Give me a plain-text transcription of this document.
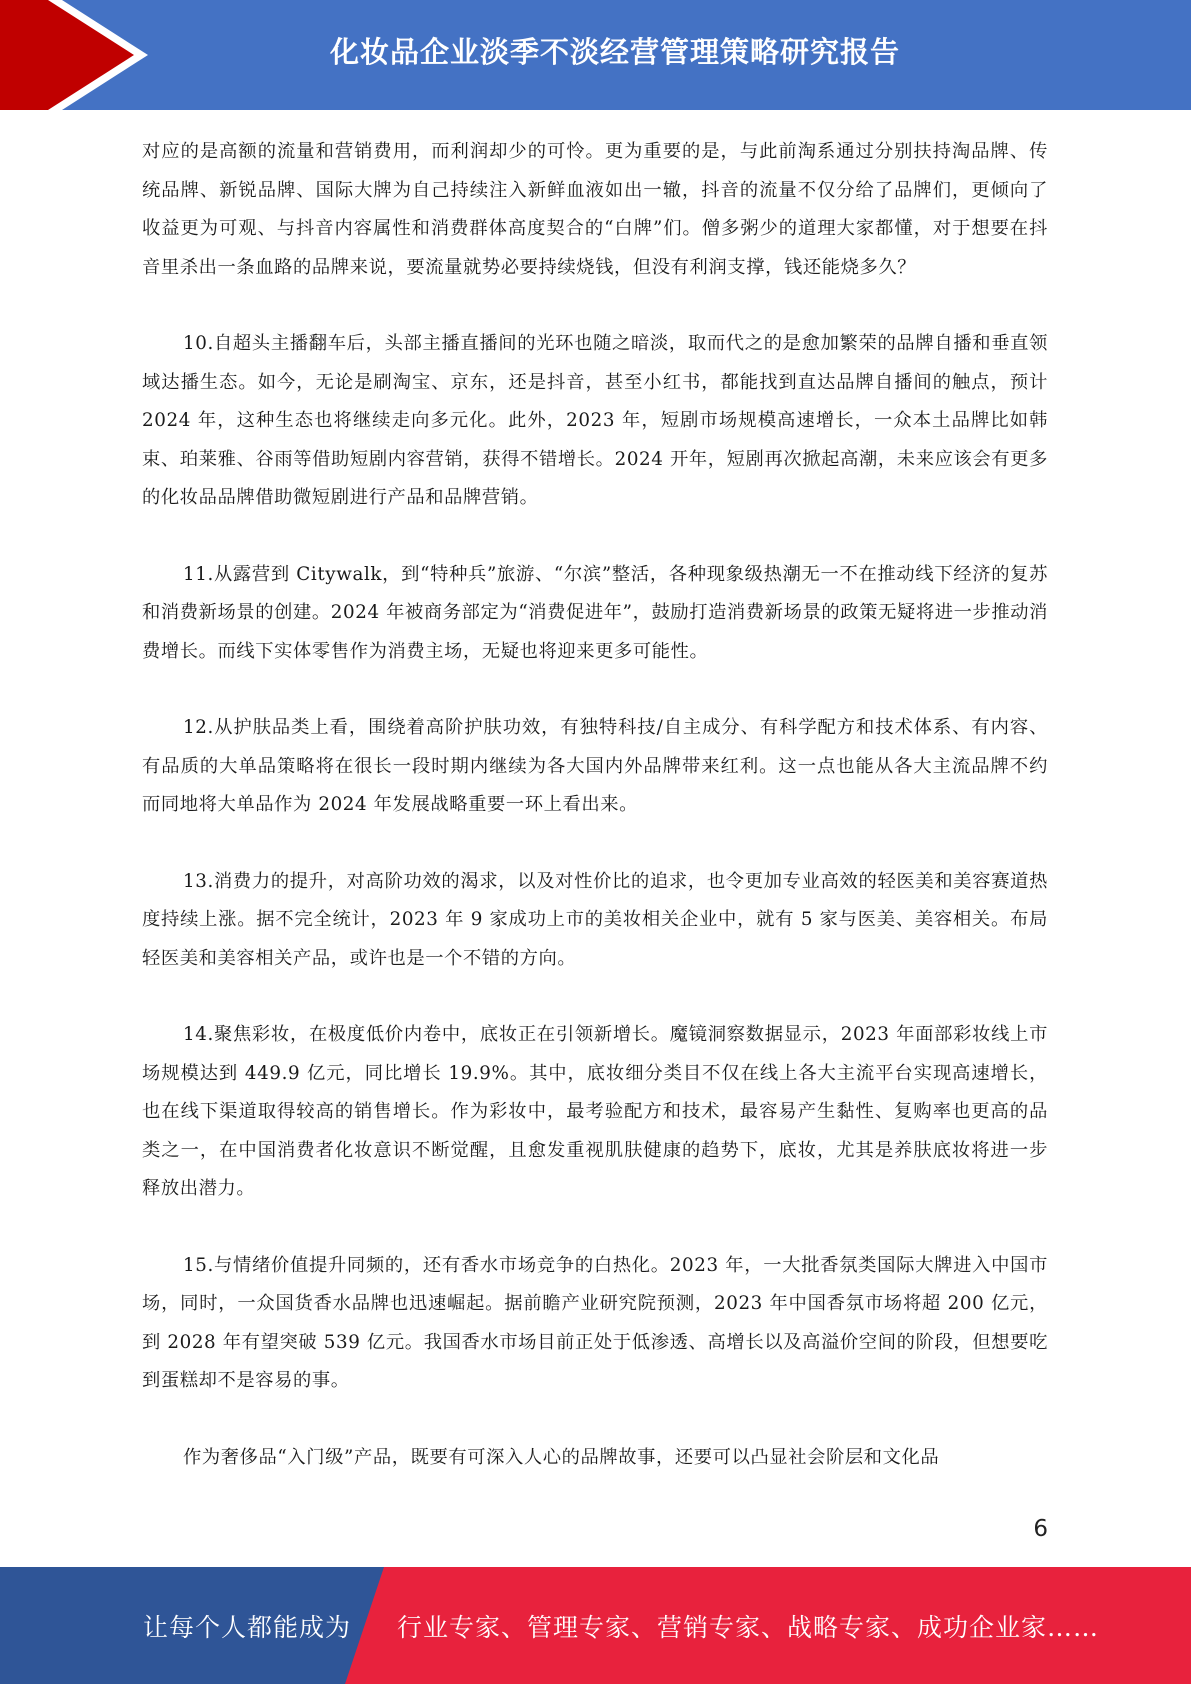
化妆品企业淡季不淡经营管理策略研究报告

对应的是高额的流量和营销费用，而利润却少的可怜。更为重要的是，与此前淘系通过分别扶持淘品牌、传统品牌、新锐品牌、国际大牌为自己持续注入新鲜血液如出一辙，抖音的流量不仅分给了品牌们，更倾向了收益更为可观、与抖音内容属性和消费群体高度契合的“白牌”们。僧多粥少的道理大家都懂，对于想要在抖音里杀出一条血路的品牌来说，要流量就势必要持续烧钱，但没有利润支撑，钱还能烧多久？

10.自超头主播翻车后，头部主播直播间的光环也随之暗淡，取而代之的是愈加繁荣的品牌自播和垂直领域达播生态。如今，无论是刷淘宝、京东，还是抖音，甚至小红书，都能找到直达品牌自播间的触点，预计 2024 年，这种生态也将继续走向多元化。此外，2023 年，短剧市场规模高速增长，一众本土品牌比如韩束、珀莱雅、谷雨等借助短剧内容营销，获得不错增长。2024 开年，短剧再次掀起高潮，未来应该会有更多的化妆品品牌借助微短剧进行产品和品牌营销。

11.从露营到 Citywalk，到“特种兵”旅游、“尔滨”整活，各种现象级热潮无一不在推动线下经济的复苏和消费新场景的创建。2024 年被商务部定为“消费促进年”，鼓励打造消费新场景的政策无疑将进一步推动消费增长。而线下实体零售作为消费主场，无疑也将迎来更多可能性。

12.从护肤品类上看，围绕着高阶护肤功效，有独特科技/自主成分、有科学配方和技术体系、有内容、有品质的大单品策略将在很长一段时期内继续为各大国内外品牌带来红利。这一点也能从各大主流品牌不约而同地将大单品作为 2024 年发展战略重要一环上看出来。

13.消费力的提升，对高阶功效的渴求，以及对性价比的追求，也令更加专业高效的轻医美和美容赛道热度持续上涨。据不完全统计，2023 年 9 家成功上市的美妆相关企业中，就有 5 家与医美、美容相关。布局轻医美和美容相关产品，或许也是一个不错的方向。

14.聚焦彩妆，在极度低价内卷中，底妆正在引领新增长。魔镜洞察数据显示，2023 年面部彩妆线上市场规模达到 449.9 亿元，同比增长 19.9%。其中，底妆细分类目不仅在线上各大主流平台实现高速增长，也在线下渠道取得较高的销售增长。作为彩妆中，最考验配方和技术，最容易产生黏性、复购率也更高的品类之一，在中国消费者化妆意识不断觉醒，且愈发重视肌肤健康的趋势下，底妆，尤其是养肤底妆将进一步释放出潜力。

15.与情绪价值提升同频的，还有香水市场竞争的白热化。2023 年，一大批香氛类国际大牌进入中国市场，同时，一众国货香水品牌也迅速崛起。据前瞻产业研究院预测，2023 年中国香氛市场将超 200 亿元，到 2028 年有望突破 539 亿元。我国香水市场目前正处于低渗透、高增长以及高溢价空间的阶段，但想要吃到蛋糕却不是容易的事。

作为奢侈品“入门级”产品，既要有可深入人心的品牌故事，还要可以凸显社会阶层和文化品

6
让每个人都能成为 行业专家、管理专家、营销专家、战略专家、成功企业家……
